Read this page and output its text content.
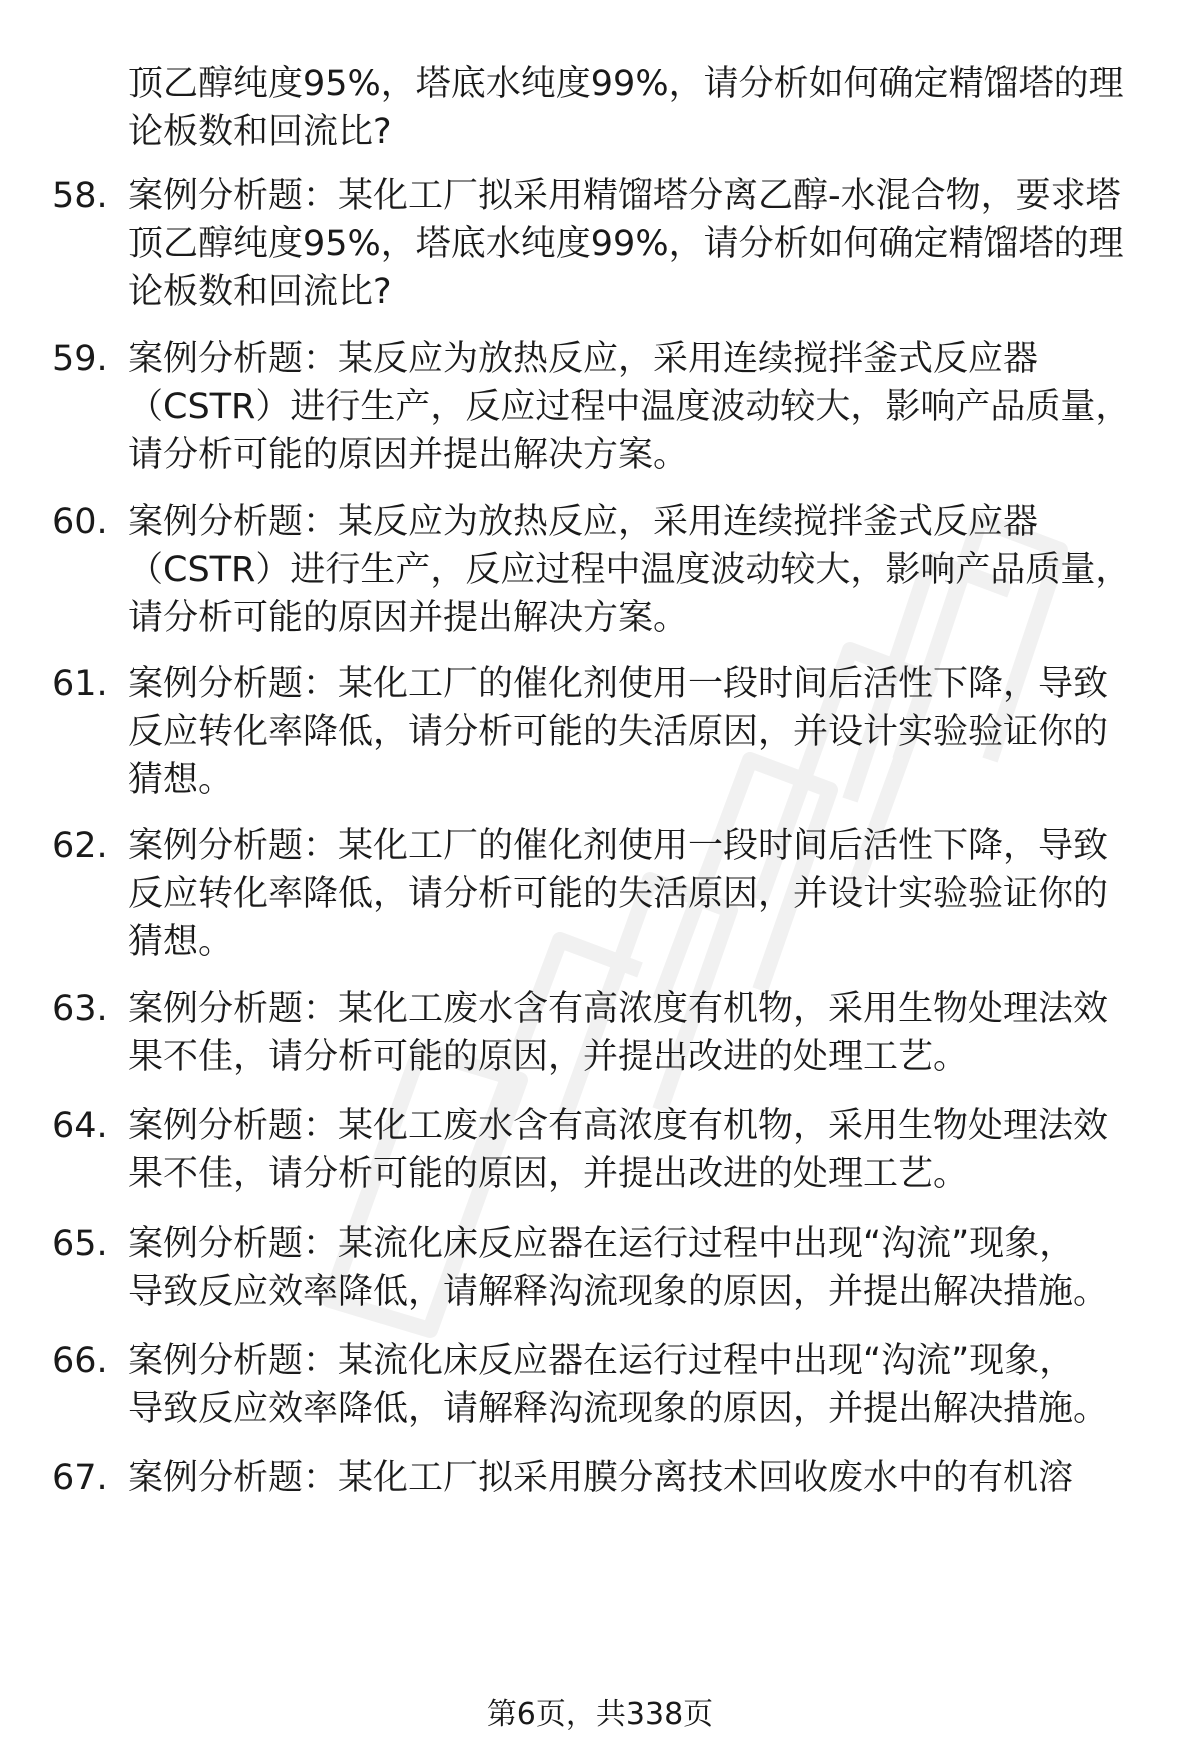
顶乙醇纯度95%，塔底水纯度99%，请分析如何确定精馏塔的理
论板数和回流比?
58. 案例分析题：某化工厂拟采用精馏塔分离乙醇-水混合物，要求塔
顶乙醇纯度95%，塔底水纯度99%，请分析如何确定精馏塔的理
论板数和回流比?
59. 案例分析题：某反应为放热反应，采用连续搅拌釜式反应器
（CSTR）进行生产，反应过程中温度波动较大，影响产品质量，
请分析可能的原因并提出解决方案。
60. 案例分析题：某反应为放热反应，采用连续搅拌釜式反应器
（CSTR）进行生产，反应过程中温度波动较大，影响产品质量，
请分析可能的原因并提出解决方案。
61. 案例分析题：某化工厂的催化剂使用一段时间后活性下降，导致
反应转化率降低，请分析可能的失活原因，并设计实验验证你的
猜想。
62. 案例分析题：某化工厂的催化剂使用一段时间后活性下降，导致
反应转化率降低，请分析可能的失活原因，并设计实验验证你的
猜想。
63. 案例分析题：某化工废水含有高浓度有机物，采用生物处理法效
果不佳，请分析可能的原因，并提出改进的处理工艺。
64. 案例分析题：某化工废水含有高浓度有机物，采用生物处理法效
果不佳，请分析可能的原因，并提出改进的处理工艺。
65. 案例分析题：某流化床反应器在运行过程中出现“沟流”现象，
导致反应效率降低，请解释沟流现象的原因，并提出解决措施。
66. 案例分析题：某流化床反应器在运行过程中出现“沟流”现象，
导致反应效率降低，请解释沟流现象的原因，并提出解决措施。
67. 案例分析题：某化工厂拟采用膜分离技术回收废水中的有机溶
第6页，共338页
